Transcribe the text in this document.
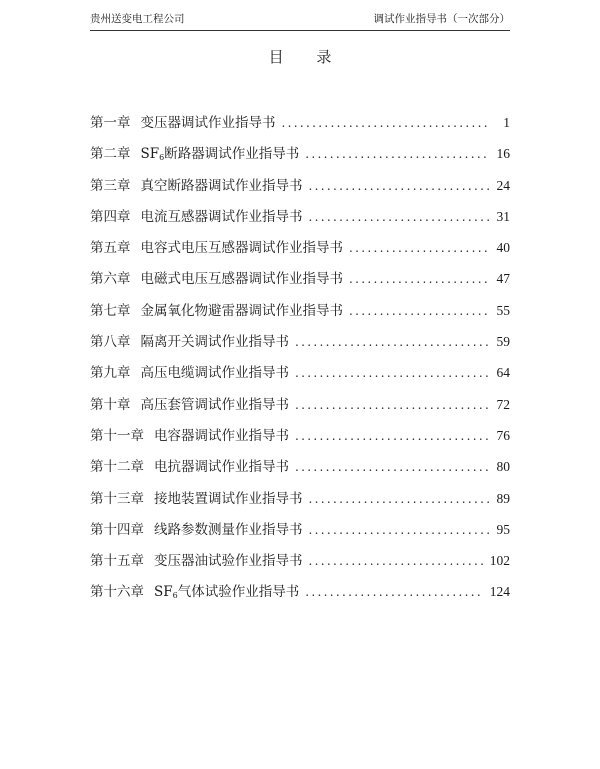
贵州送变电工程公司	调试作业指导书（一次部分）
目 录
第一章 变压器调试作业指导书 . . .	1
第二章 $SF_6$断路器调试作业指导书 . . .	16
第三章 真空断路器调试作业指导书 . . .	24
第四章 电流互感器调试作业指导书 . . .	31
第五章 电容式电压互感器调试作业指导书 . . .	40
第六章 电磁式电压互感器调试作业指导书 . . .	47
第七章 金属氧化物避雷器调试作业指导书 . . .	55
第八章 隔离开关调试作业指导书 . . .	59
第九章 高压电缆调试作业指导书 . . .	64
第十章 高压套管调试作业指导书 . . .	72
第十一章 电容器调试作业指导书 . . .	76
第十二章 电抗器调试作业指导书 . . .	80
第十三章 接地装置调试作业指导书 . . .	89
第十四章 线路参数测量作业指导书 . . .	95
第十五章 变压器油试验作业指导书 . . .	102
第十六章 $SF_6$气体试验作业指导书 . . .	124
